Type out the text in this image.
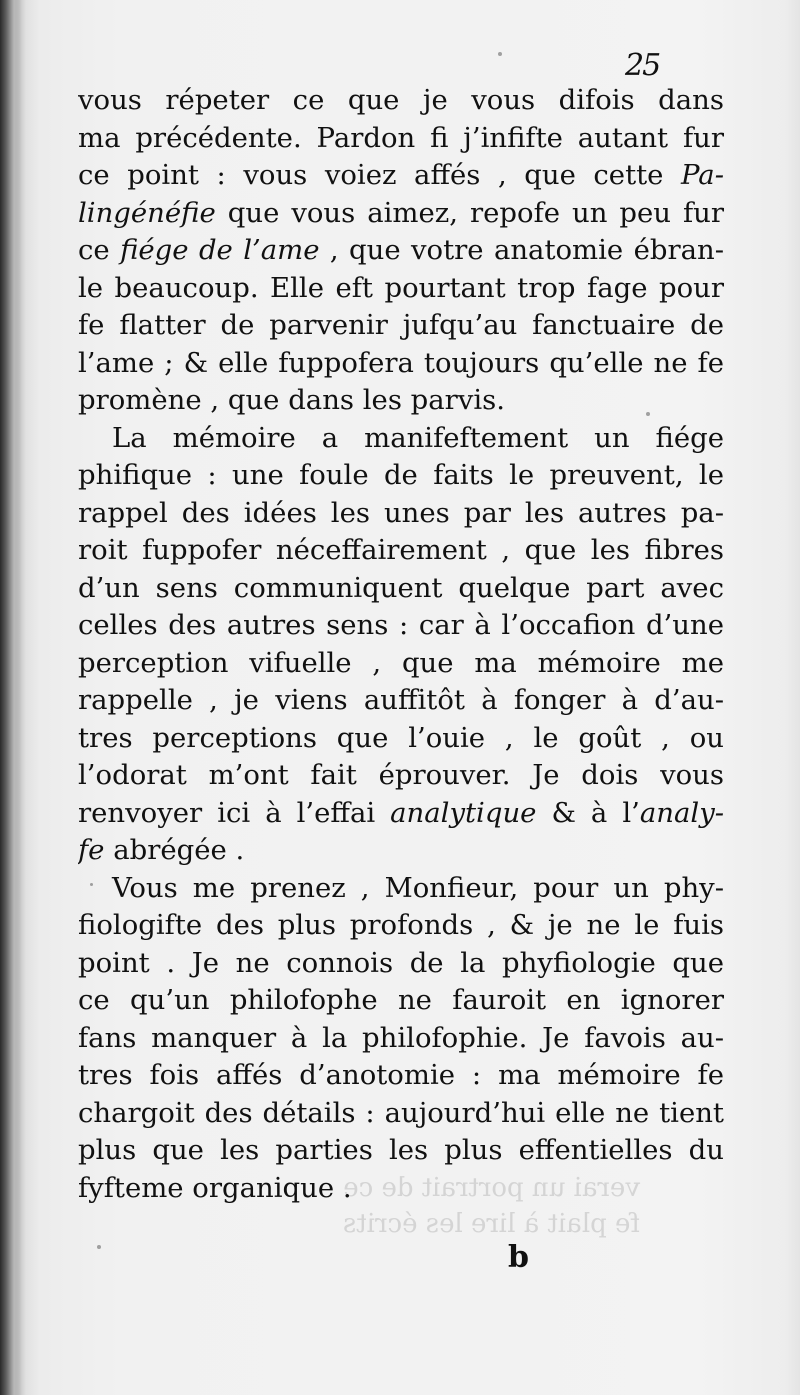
25
verai un portrait de ce
fe plait à lire les écrits
vous répeter ce que je vous difois dans
ma précédente. Pardon fi j’infifte autant fur
ce point : vous voiez affés , que cette Pa-
lingénéfie que vous aimez, repofe un peu fur
ce fiége de l’ame , que votre anatomie ébran-
le beaucoup. Elle eft pourtant trop fage pour
fe flatter de parvenir jufqu’au fanctuaire de
l’ame ; & elle fuppofera toujours qu’elle ne fe
promène , que dans les parvis.
La mémoire a manifeftement un fiége
phifique : une foule de faits le preuvent, le
rappel des idées les unes par les autres pa-
roit fuppofer néceffairement , que les fibres
d’un sens communiquent quelque part avec
celles des autres sens : car à l’occafion d’une
perception vifuelle , que ma mémoire me
rappelle , je viens auffitôt à fonger à d’au-
tres perceptions que l’ouie , le goût , ou
l’odorat m’ont fait éprouver. Je dois vous
renvoyer ici à l’effai analytique & à l’analy-
fe abrégée .
Vous me prenez , Monfieur, pour un phy-
fiologifte des plus profonds , & je ne le fuis
point . Je ne connois de la phyfiologie que
ce qu’un philofophe ne fauroit en ignorer
fans manquer à la philofophie. Je favois au-
tres fois affés d’anotomie : ma mémoire fe
chargoit des détails : aujourd’hui elle ne tient
plus que les parties les plus effentielles du
fyfteme organique .
b
